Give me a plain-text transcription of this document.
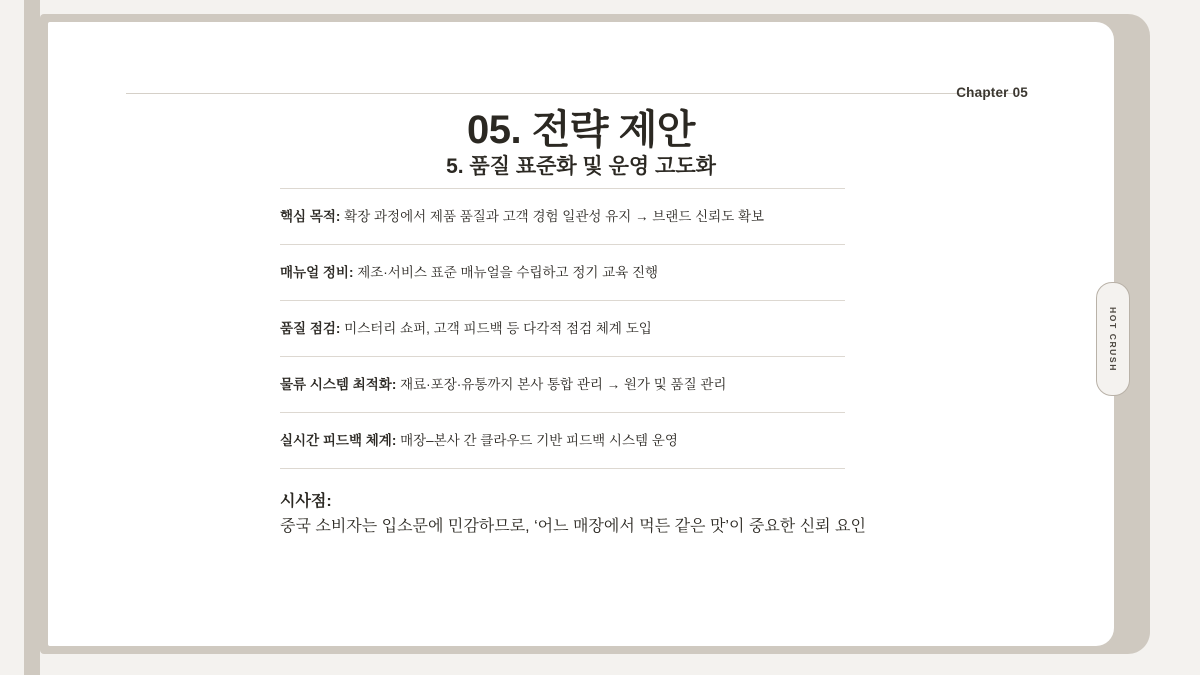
Chapter 05
05. 전략 제안
5. 품질 표준화 및 운영 고도화
핵심 목적: 확장 과정에서 제품 품질과 고객 경험 일관성 유지 → 브랜드 신뢰도 확보
매뉴얼 정비: 제조·서비스 표준 매뉴얼을 수립하고 정기 교육 진행
품질 점검: 미스터리 쇼퍼, 고객 피드백 등 다각적 점검 체계 도입
물류 시스템 최적화: 재료·포장·유통까지 본사 통합 관리 → 원가 및 품질 관리
실시간 피드백 체계: 매장–본사 간 클라우드 기반 피드백 시스템 운영
시사점:
중국 소비자는 입소문에 민감하므로, ‘어느 매장에서 먹든 같은 맛’이 중요한 신뢰 요인
HOT CRUSH
